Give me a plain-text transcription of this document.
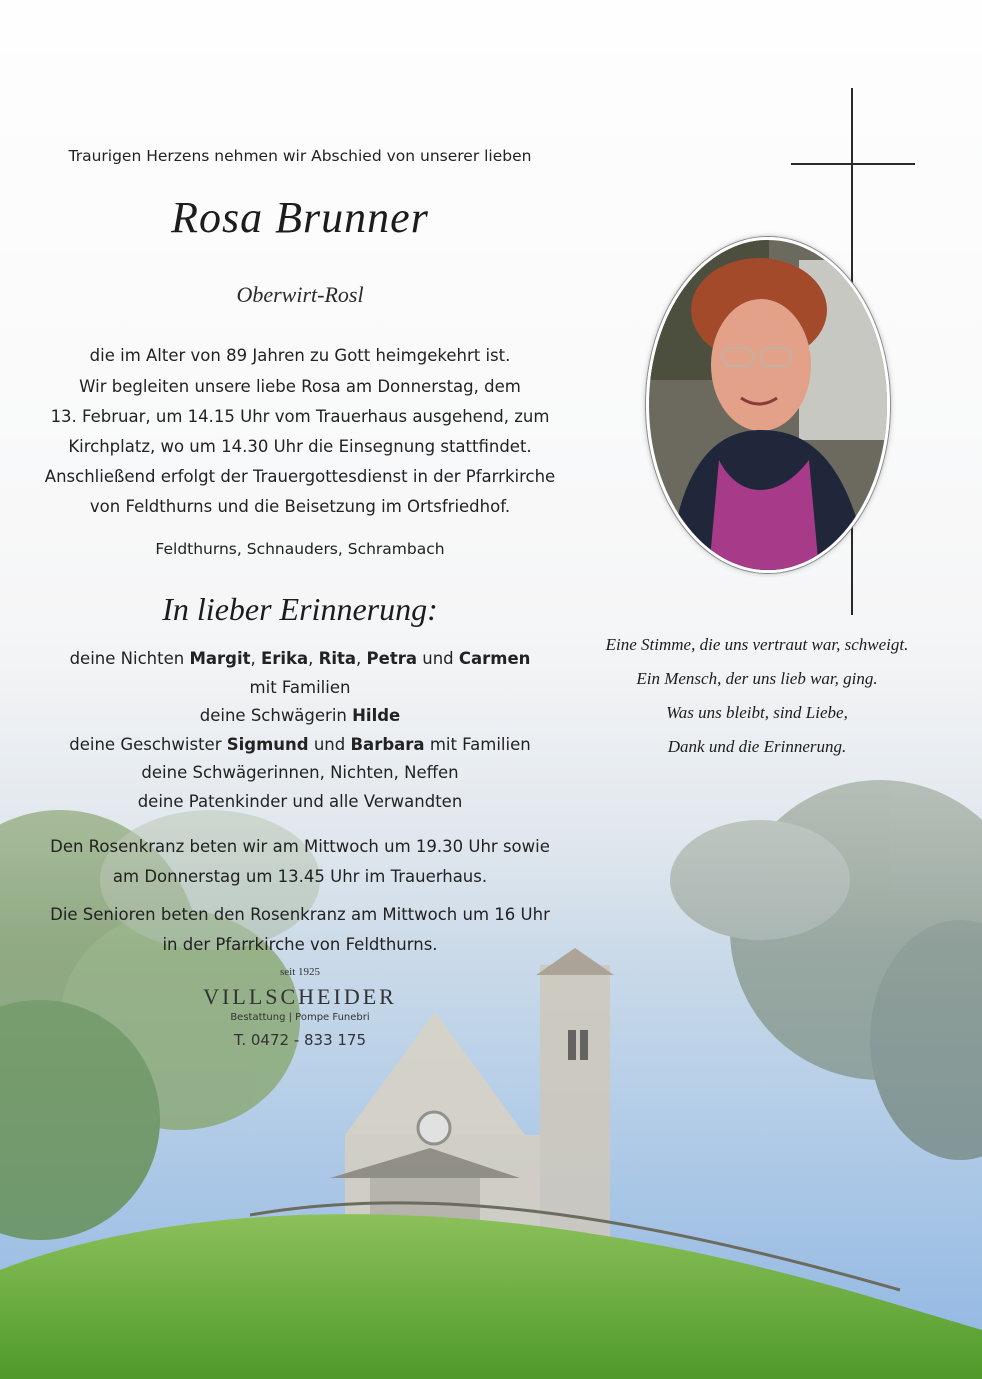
Traurigen Herzens nehmen wir Abschied von unserer lieben
Rosa Brunner
Oberwirt-Rosl
die im Alter von 89 Jahren zu Gott heimgekehrt ist.
Wir begleiten unsere liebe Rosa am Donnerstag, dem
13. Februar, um 14.15 Uhr vom Trauerhaus ausgehend, zum
Kirchplatz, wo um 14.30 Uhr die Einsegnung stattfindet.
Anschließend erfolgt der Trauergottesdienst in der Pfarrkirche
von Feldthurns und die Beisetzung im Ortsfriedhof.
Feldthurns, Schnauders, Schrambach
In lieber Erinnerung:
deine Nichten Margit, Erika, Rita, Petra und Carmen
mit Familien
deine Schwägerin Hilde
deine Geschwister Sigmund und Barbara mit Familien
deine Schwägerinnen, Nichten, Neffen
deine Patenkinder und alle Verwandten
Den Rosenkranz beten wir am Mittwoch um 19.30 Uhr sowie
am Donnerstag um 13.45 Uhr im Trauerhaus.
Die Senioren beten den Rosenkranz am Mittwoch um 16 Uhr
in der Pfarrkirche von Feldthurns.
seit 1925
VILLSCHEIDER
Bestattung | Pompe Funebri
T. 0472 - 833 175
Eine Stimme, die uns vertraut war, schweigt.
Ein Mensch, der uns lieb war, ging.
Was uns bleibt, sind Liebe,
Dank und die Erinnerung.
